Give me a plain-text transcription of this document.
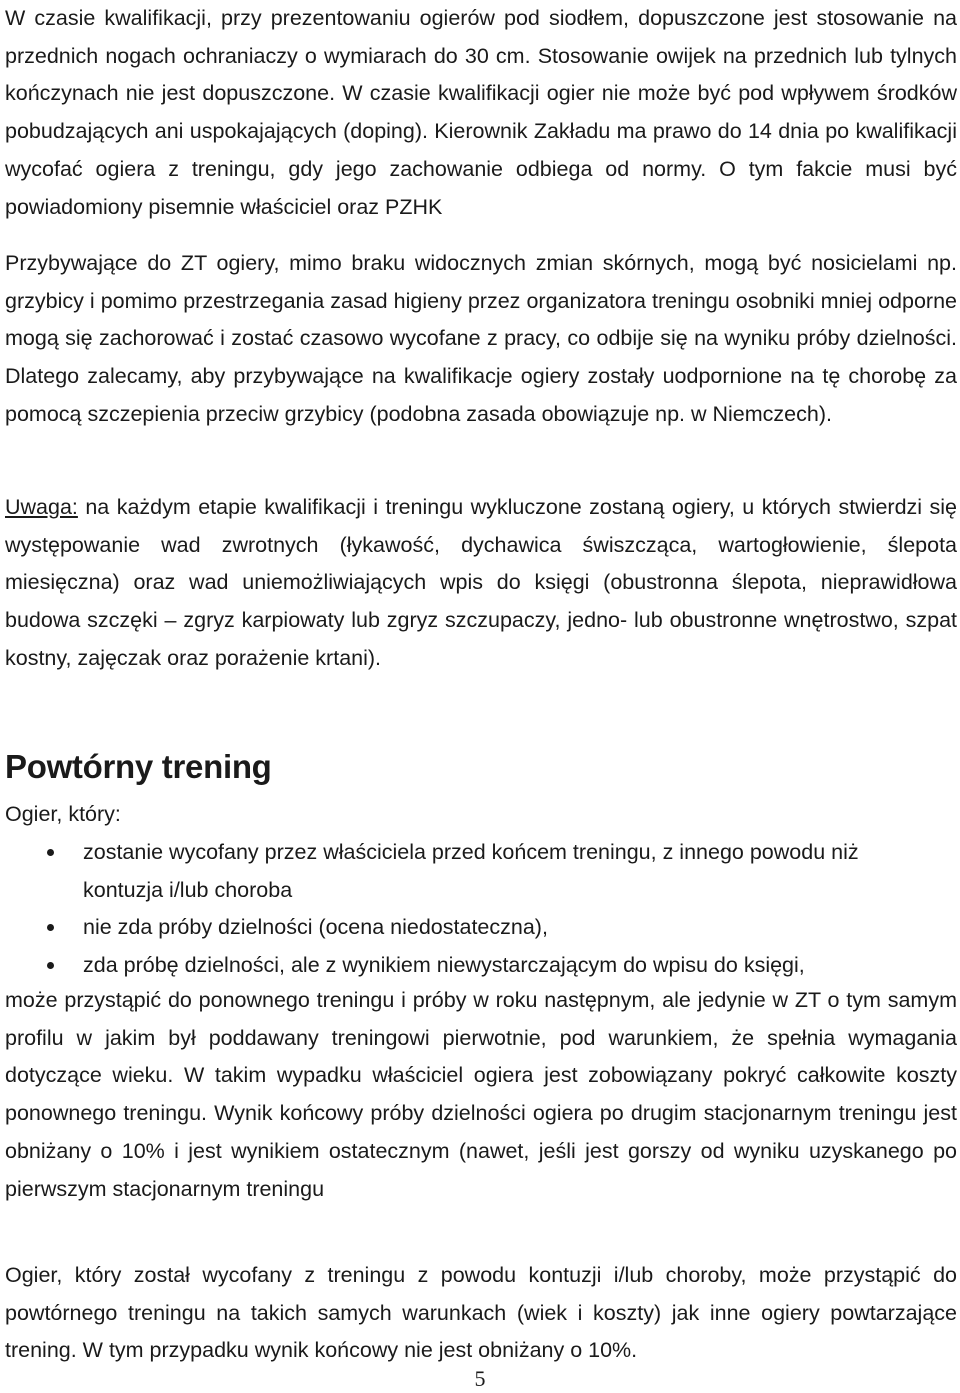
W czasie kwalifikacji, przy prezentowaniu ogierów pod siodłem, dopuszczone jest stosowanie na przednich nogach ochraniaczy o wymiarach do 30 cm. Stosowanie owijek na przednich lub tylnych kończynach nie jest dopuszczone. W czasie kwalifikacji ogier nie może być pod wpływem środków pobudzających ani uspokajających (doping). Kierownik Zakładu ma prawo do 14 dnia po kwalifikacji wycofać ogiera z treningu, gdy jego zachowanie odbiega od normy. O tym fakcie musi być powiadomiony pisemnie właściciel oraz PZHK

Przybywające do ZT ogiery, mimo braku widocznych zmian skórnych, mogą być nosicielami np. grzybicy i pomimo przestrzegania zasad higieny przez organizatora treningu osobniki mniej odporne mogą się zachorować i zostać czasowo wycofane z pracy, co odbije się na wyniku próby dzielności. Dlatego zalecamy, aby przybywające na kwalifikacje ogiery zostały uodpornione na tę chorobę za pomocą szczepienia przeciw grzybicy (podobna zasada obowiązuje np. w Niemczech).

Uwaga: na każdym etapie kwalifikacji i treningu wykluczone zostaną ogiery, u których stwierdzi się występowanie wad zwrotnych (łykawość, dychawica świszcząca, wartogłowienie, ślepota miesięczna) oraz wad uniemożliwiających wpis do księgi (obustronna ślepota, nieprawidłowa budowa szczęki – zgryz karpiowaty lub zgryz szczupaczy, jedno- lub obustronne wnętrostwo, szpat kostny, zajęczak oraz porażenie krtani).

Powtórny trening

Ogier, który:

zostanie wycofany przez właściciela przed końcem treningu, z innego powodu niż kontuzja i/lub choroba
nie zda próby dzielności (ocena niedostateczna),
zda próbę dzielności, ale z wynikiem niewystarczającym do wpisu do księgi,

może przystąpić do ponownego treningu i próby w roku następnym, ale jedynie w ZT o tym samym profilu w jakim był poddawany treningowi pierwotnie, pod warunkiem, że spełnia wymagania dotyczące wieku. W takim wypadku właściciel ogiera jest zobowiązany pokryć całkowite koszty ponownego treningu. Wynik końcowy próby dzielności ogiera po drugim stacjonarnym treningu jest obniżany o 10% i jest wynikiem ostatecznym (nawet, jeśli jest gorszy od wyniku uzyskanego po pierwszym stacjonarnym treningu

Ogier, który został wycofany z treningu z powodu kontuzji i/lub choroby, może przystąpić do powtórnego treningu na takich samych warunkach (wiek i koszty) jak inne ogiery powtarzające trening. W tym przypadku wynik końcowy nie jest obniżany o 10%.

5
